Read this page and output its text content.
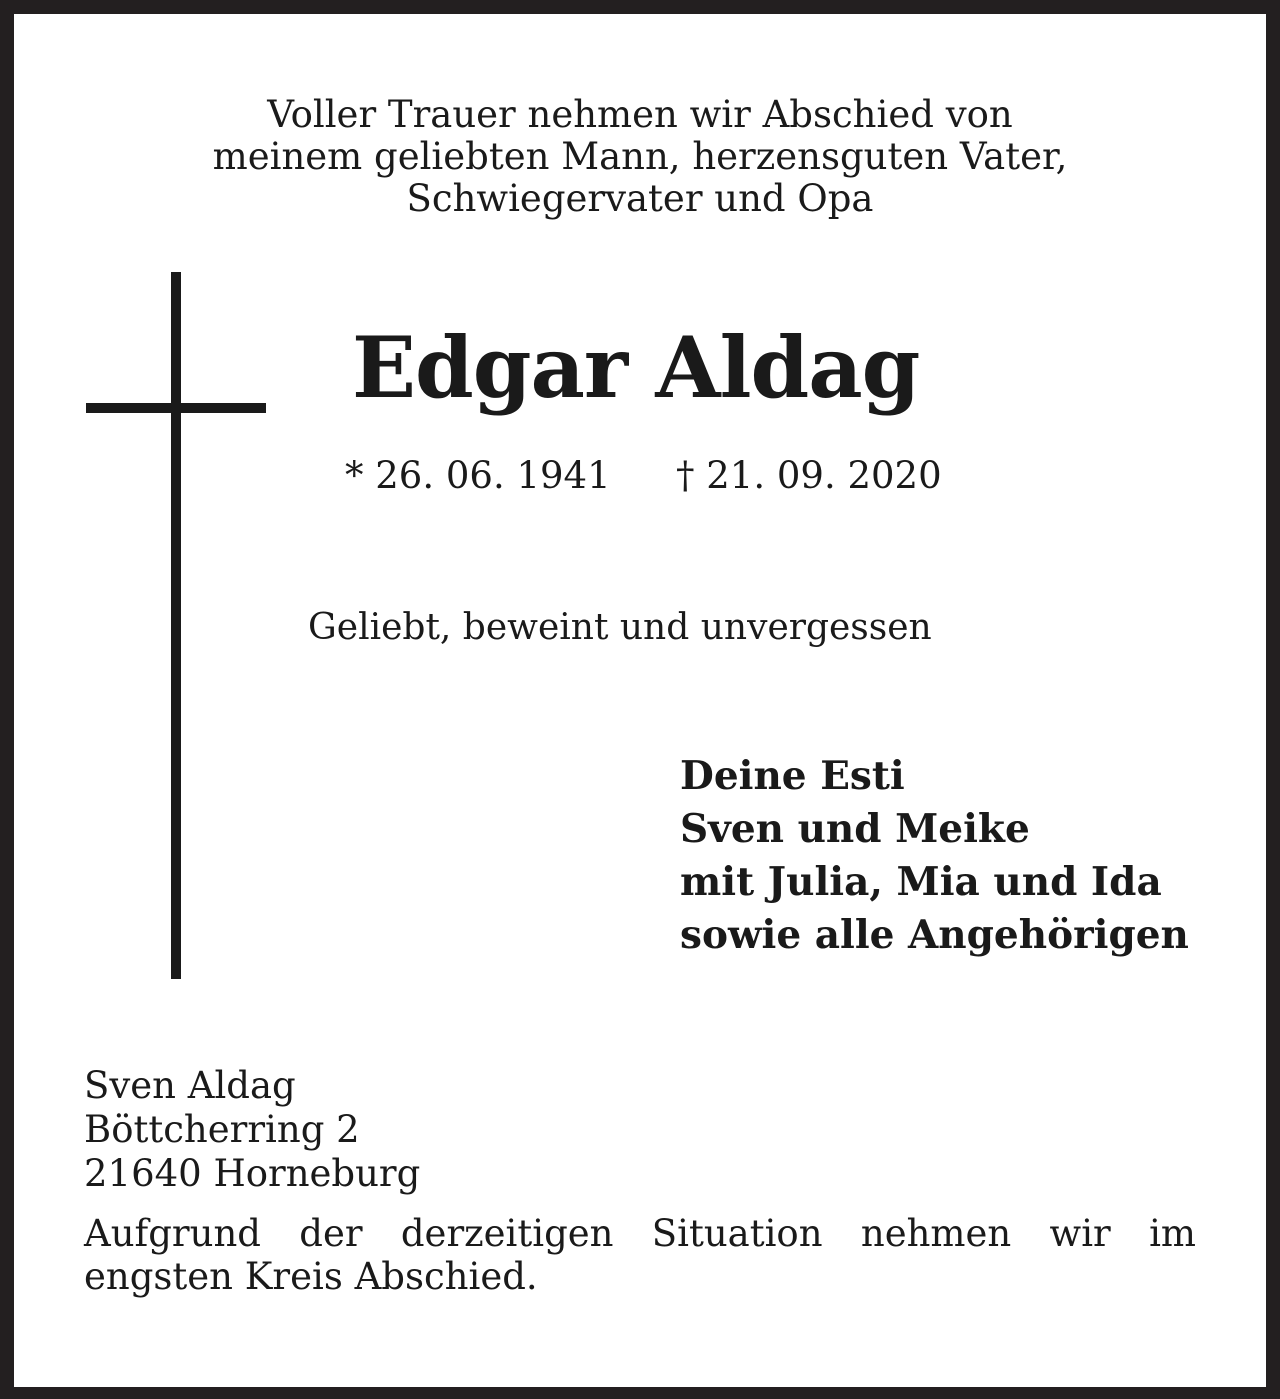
Voller Trauer nehmen wir Abschied von
meinem geliebten Mann, herzensguten Vater,
Schwiegervater und Opa
Edgar Aldag
* 26. 06. 1941 † 21. 09. 2020
Geliebt, beweint und unvergessen
Deine Esti
Sven und Meike
mit Julia, Mia und Ida
sowie alle Angehörigen
Sven Aldag
Böttcherring 2
21640 Horneburg
Aufgrund der derzeitigen Situation nehmen wir im
engsten Kreis Abschied.
